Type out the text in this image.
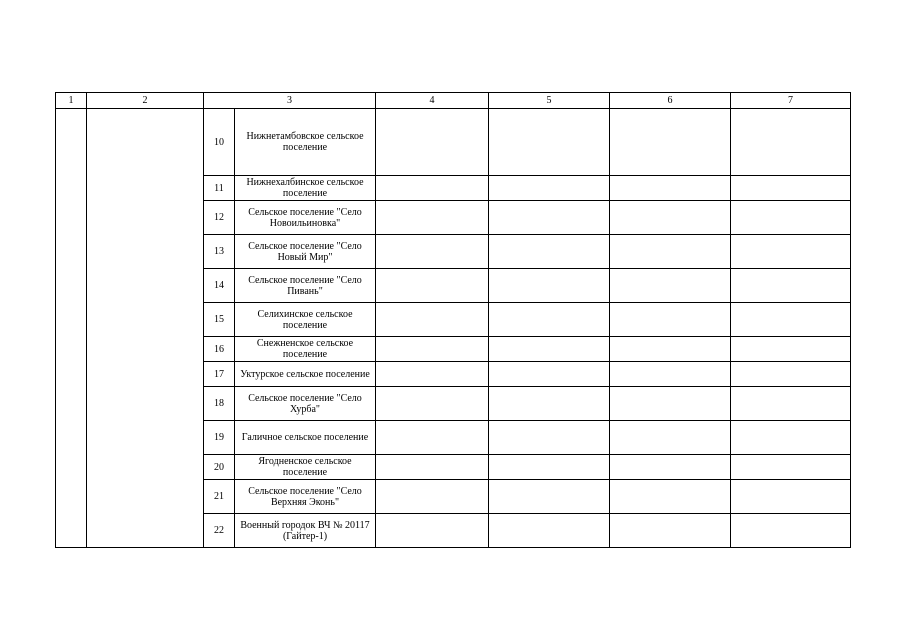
1	2	3		4	5	6	7
		10	Нижнетамбовское сельское поселение				
		11	Нижнехалбинское сельское поселение				
		12	Сельское поселение "Село Новоильиновка"				
		13	Сельское поселение "Село Новый Мир"				
		14	Сельское поселение "Село Пивань"				
		15	Селихинское сельское поселение				
		16	Снежненское сельское поселение				
		17	Уктурское сельское поселение				
		18	Сельское поселение "Село Хурба"				
		19	Галичное сельское поселение				
		20	Ягодненское сельское поселение				
		21	Сельское поселение "Село Верхняя Эконь"				
		22	Военный городок ВЧ № 20117 (Гайтер-1)				
